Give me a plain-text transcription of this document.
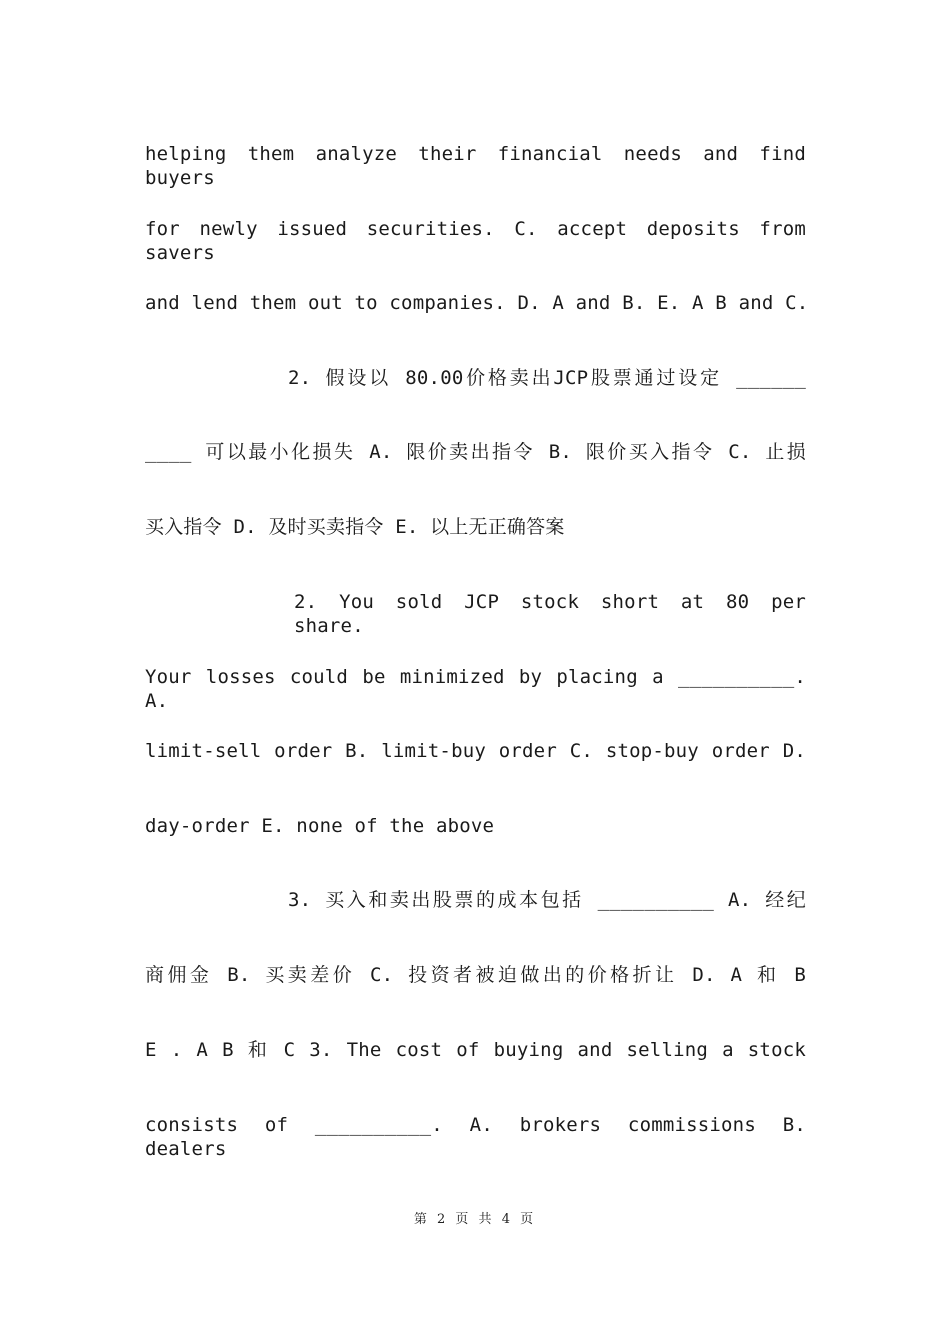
helping them analyze their financial needs and find buyers
for newly issued securities. C. accept deposits from savers
and lend them out to companies. D. A and B. E. A B and C.
2. 假设以 80.00价格卖出JCP股票通过设定 ______
____ 可以最小化损失 A. 限价卖出指令 B. 限价买入指令 C. 止损
买入指令 D. 及时买卖指令 E. 以上无正确答案
2. You sold JCP stock short at 80 per share.
Your losses could be minimized by placing a __________. A.
limit-sell order B. limit-buy order C. stop-buy order D.
day-order E. none of the above
3. 买入和卖出股票的成本包括 __________ A. 经纪
商佣金 B. 买卖差价 C. 投资者被迫做出的价格折让 D. A 和 B
E . A B 和 C 3. The cost of buying and selling a stock
consists of __________. A. brokers commissions B. dealers
第 2 页 共 4 页
